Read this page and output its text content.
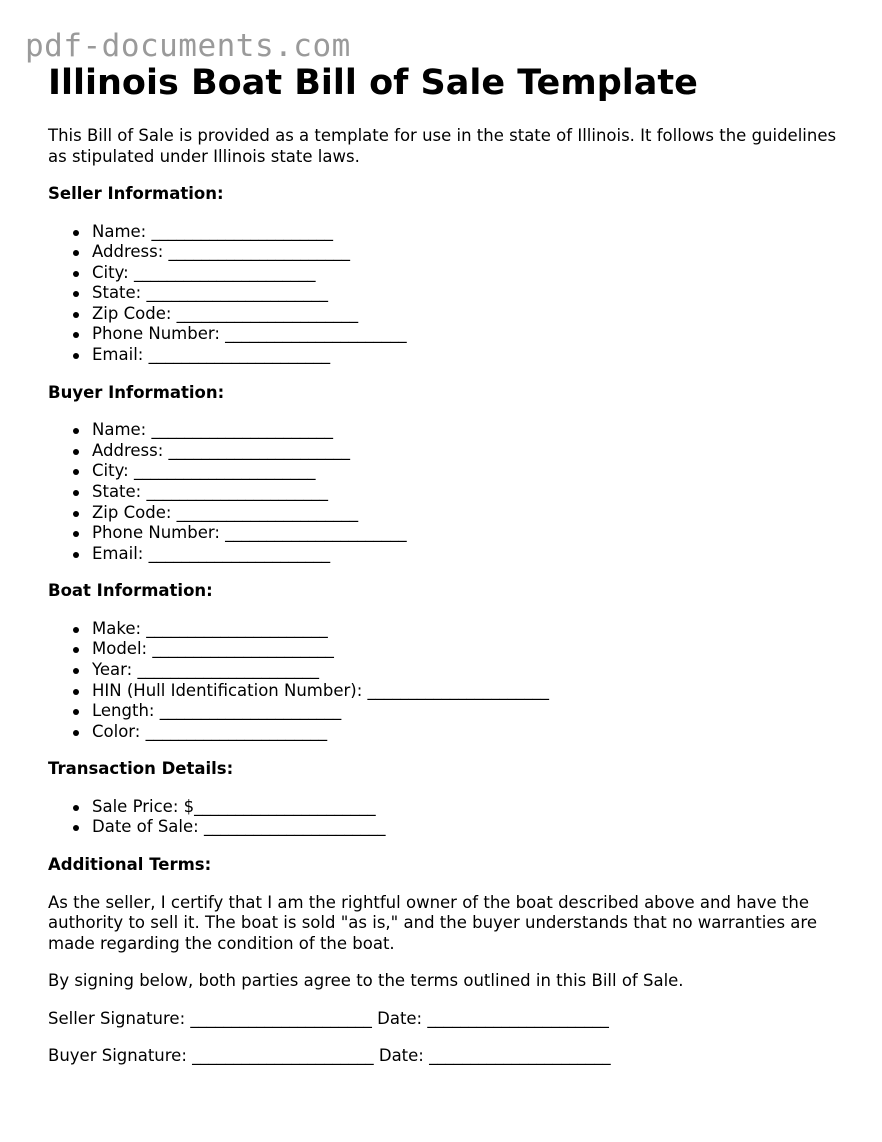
pdf-documents.com
Illinois Boat Bill of Sale Template

This Bill of Sale is provided as a template for use in the state of Illinois. It follows the guidelines as stipulated under Illinois state laws.

Seller Information:
Name: ______________________
Address: ______________________
City: ______________________
State: ______________________
Zip Code: ______________________
Phone Number: ______________________
Email: ______________________
Buyer Information:
Name: ______________________
Address: ______________________
City: ______________________
State: ______________________
Zip Code: ______________________
Phone Number: ______________________
Email: ______________________
Boat Information:
Make: ______________________
Model: ______________________
Year: ______________________
HIN (Hull Identification Number): ______________________
Length: ______________________
Color: ______________________
Transaction Details:
Sale Price: $______________________
Date of Sale: ______________________
Additional Terms:

As the seller, I certify that I am the rightful owner of the boat described above and have the authority to sell it. The boat is sold "as is," and the buyer understands that no warranties are made regarding the condition of the boat.

By signing below, both parties agree to the terms outlined in this Bill of Sale.

Seller Signature: ______________________ Date: ______________________
Buyer Signature: ______________________ Date: ______________________
